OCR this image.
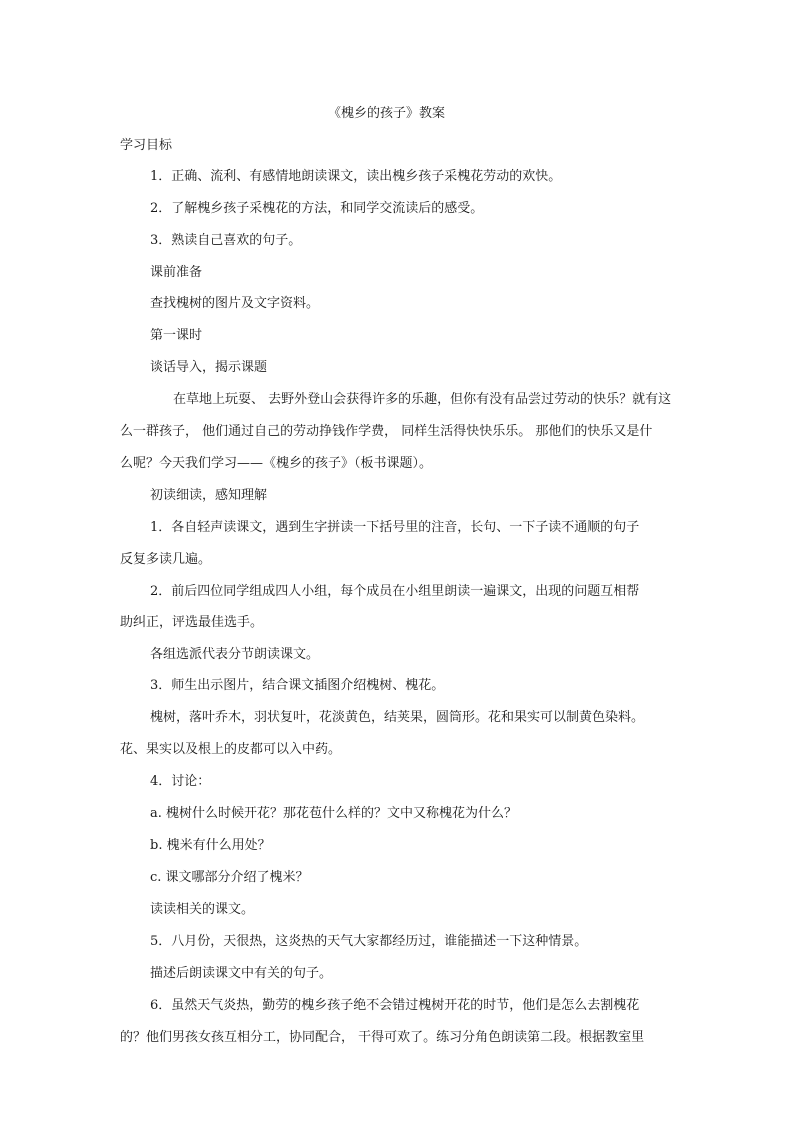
《槐乡的孩子》教案
学习目标
1．正确、流利、有感情地朗读课文，读出槐乡孩子采槐花劳动的欢快。
2．了解槐乡孩子采槐花的方法，和同学交流读后的感受。
3．熟读自己喜欢的句子。
课前准备
查找槐树的图片及文字资料。
第一课时
谈话导入，揭示课题
在草地上玩耍、 去野外登山会获得许多的乐趣，但你有没有品尝过劳动的快乐？就有这
么一群孩子， 他们通过自己的劳动挣钱作学费， 同样生活得快快乐乐。 那他们的快乐又是什
么呢？今天我们学习——《槐乡的孩子》（板书课题）。
初读细读，感知理解
1．各自轻声读课文，遇到生字拼读一下括号里的注音，长句、一下子读不通顺的句子
反复多读几遍。
2．前后四位同学组成四人小组，每个成员在小组里朗读一遍课文，出现的问题互相帮
助纠正，评选最佳选手。
各组选派代表分节朗读课文。
3．师生出示图片，结合课文插图介绍槐树、槐花。
槐树，落叶乔木，羽状复叶，花淡黄色，结荚果，圆筒形。花和果实可以制黄色染料。
花、果实以及根上的皮都可以入中药。
4．讨论：
a. 槐树什么时候开花？那花苞什么样的？文中又称槐花为什么？
b. 槐米有什么用处？
c. 课文哪部分介绍了槐米？
读读相关的课文。
5．八月份，天很热，这炎热的天气大家都经历过，谁能描述一下这种情景。
描述后朗读课文中有关的句子。
6．虽然天气炎热，勤劳的槐乡孩子绝不会错过槐树开花的时节，他们是怎么去割槐花
的？他们男孩女孩互相分工，协同配合， 干得可欢了。练习分角色朗读第二段。根据教室里
